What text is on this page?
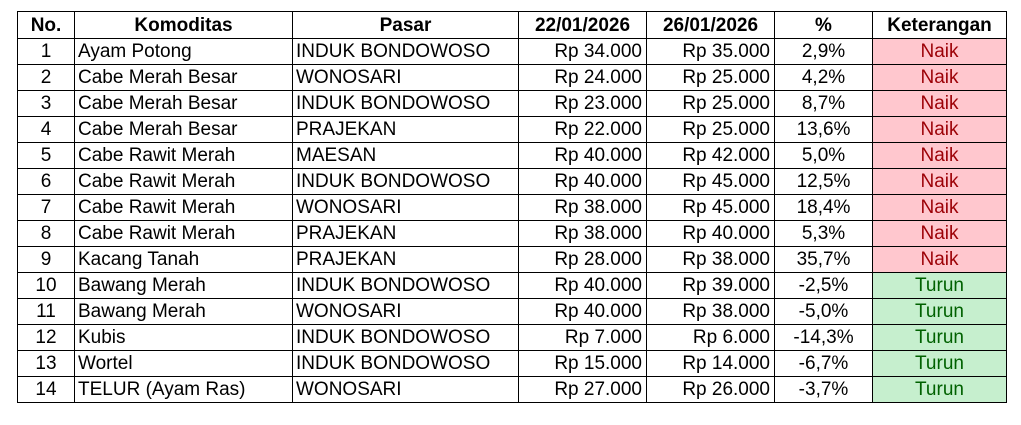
No.	Komoditas	Pasar	22/01/2026	26/01/2026	%	Keterangan
1	Ayam Potong	INDUK BONDOWOSO	Rp 34.000	Rp 35.000	2,9%	Naik
2	Cabe Merah Besar	WONOSARI	Rp 24.000	Rp 25.000	4,2%	Naik
3	Cabe Merah Besar	INDUK BONDOWOSO	Rp 23.000	Rp 25.000	8,7%	Naik
4	Cabe Merah Besar	PRAJEKAN	Rp 22.000	Rp 25.000	13,6%	Naik
5	Cabe Rawit Merah	MAESAN	Rp 40.000	Rp 42.000	5,0%	Naik
6	Cabe Rawit Merah	INDUK BONDOWOSO	Rp 40.000	Rp 45.000	12,5%	Naik
7	Cabe Rawit Merah	WONOSARI	Rp 38.000	Rp 45.000	18,4%	Naik
8	Cabe Rawit Merah	PRAJEKAN	Rp 38.000	Rp 40.000	5,3%	Naik
9	Kacang Tanah	PRAJEKAN	Rp 28.000	Rp 38.000	35,7%	Naik
10	Bawang Merah	INDUK BONDOWOSO	Rp 40.000	Rp 39.000	-2,5%	Turun
11	Bawang Merah	WONOSARI	Rp 40.000	Rp 38.000	-5,0%	Turun
12	Kubis	INDUK BONDOWOSO	Rp 7.000	Rp 6.000	-14,3%	Turun
13	Wortel	INDUK BONDOWOSO	Rp 15.000	Rp 14.000	-6,7%	Turun
14	TELUR (Ayam Ras)	WONOSARI	Rp 27.000	Rp 26.000	-3,7%	Turun
